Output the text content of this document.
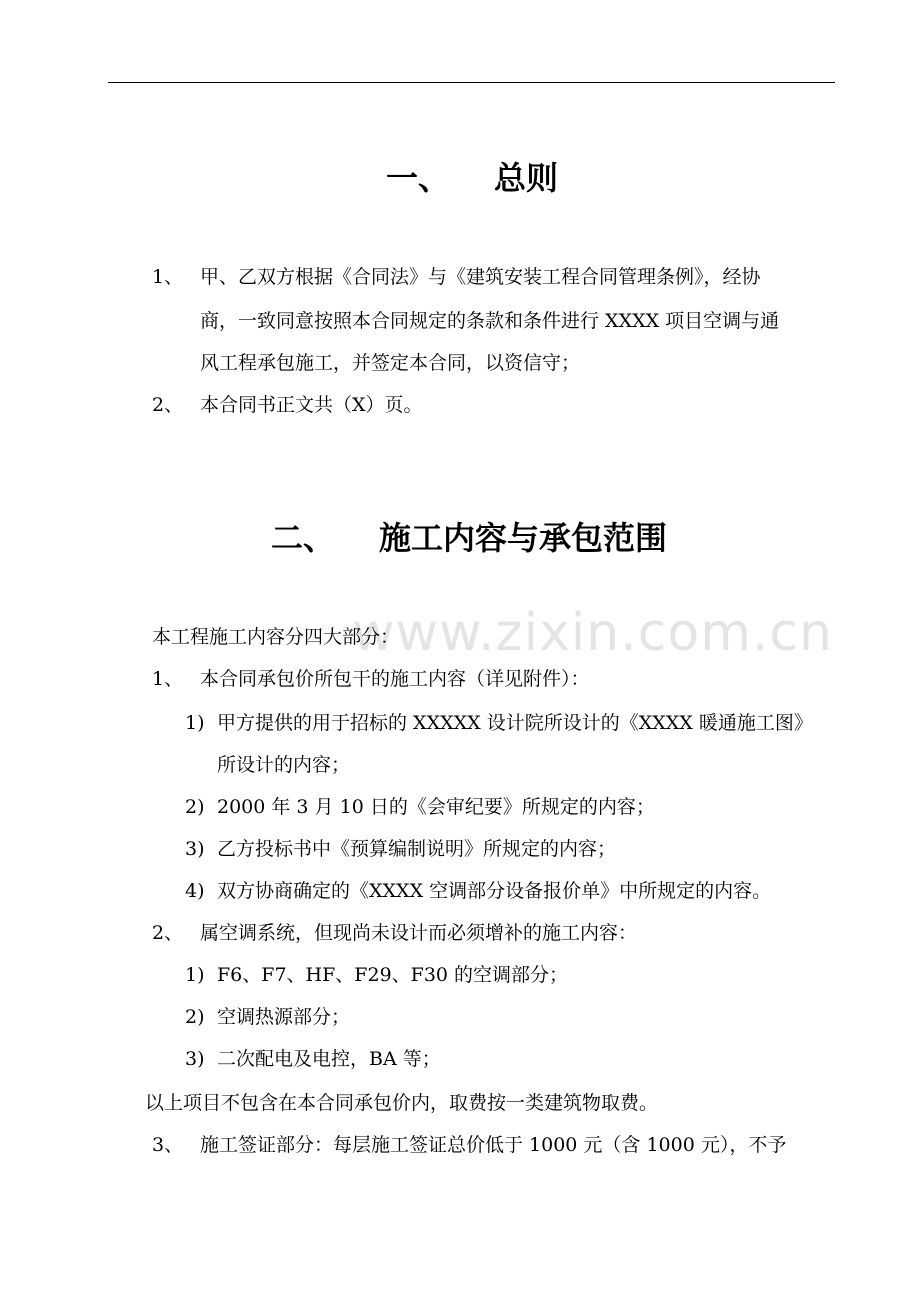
www.zixin.com.cn
一、 总则
1、 甲、乙双方根据《合同法》与《建筑安装工程合同管理条例》，经协
商，一致同意按照本合同规定的条款和条件进行 XXXX 项目空调与通
风工程承包施工，并签定本合同，以资信守；
2、 本合同书正文共（X）页。
二、 施工内容与承包范围
本工程施工内容分四大部分：
1、 本合同承包价所包干的施工内容（详见附件）：
1) 甲方提供的用于招标的 XXXXX 设计院所设计的《XXXX 暖通施工图》
所设计的内容；
2) 2000 年 3 月 10 日的《会审纪要》所规定的内容；
3) 乙方投标书中《预算编制说明》所规定的内容；
4) 双方协商确定的《XXXX 空调部分设备报价单》中所规定的内容。
2、 属空调系统，但现尚未设计而必须增补的施工内容：
1) F6、F7、HF、F29、F30 的空调部分；
2) 空调热源部分；
3) 二次配电及电控，BA 等；
以上项目不包含在本合同承包价内，取费按一类建筑物取费。
3、 施工签证部分：每层施工签证总价低于 1000 元（含 1000 元），不予
